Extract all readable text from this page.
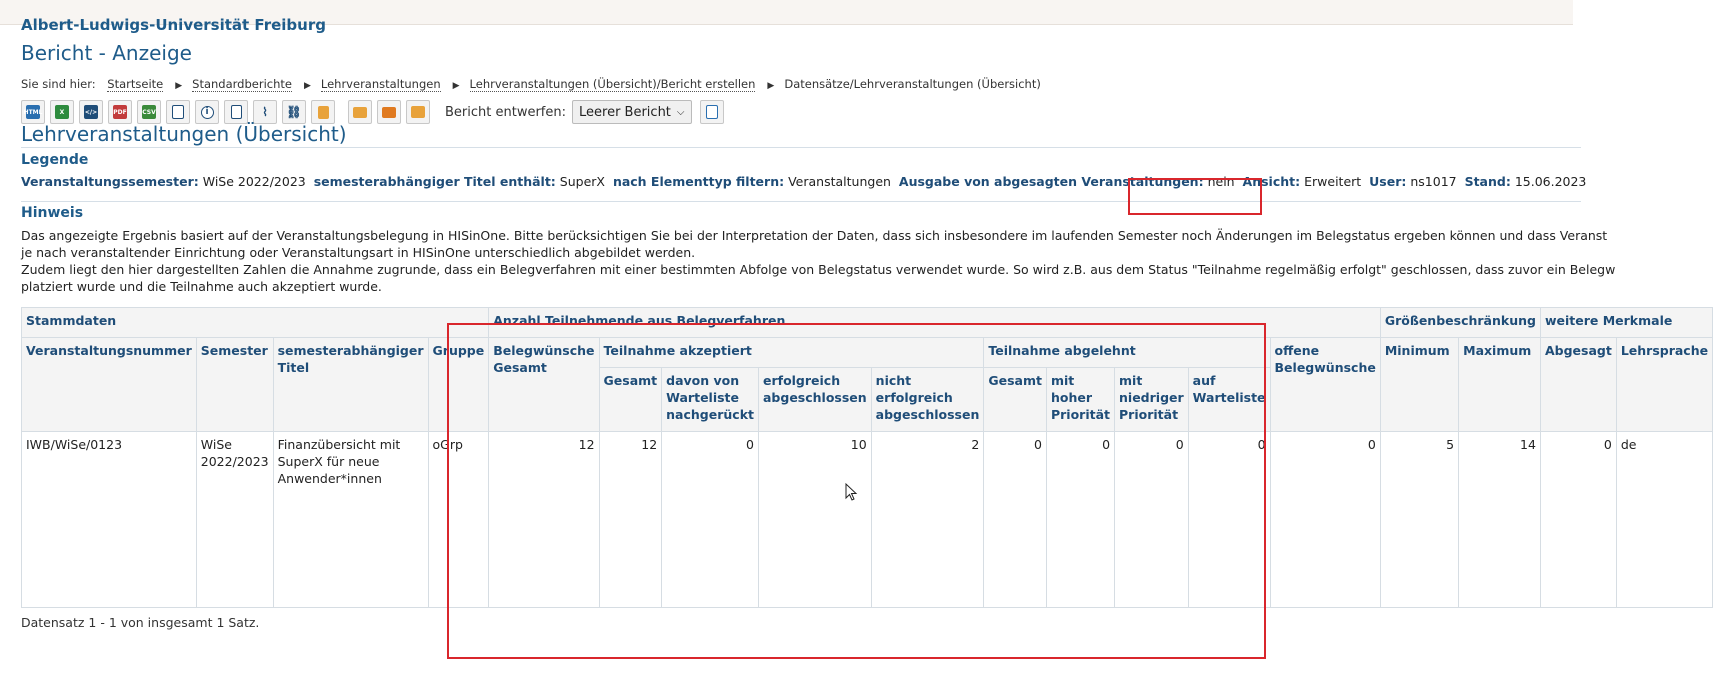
Albert-Ludwigs-Universität Freiburg
Bericht - Anzeige
Sie sind hier: Startseite ▶ Standardberichte ▶ Lehrveranstaltungen ▶ Lehrveranstaltungen (Übersicht)/Bericht erstellen ▶ Datensätze/Lehrveranstaltungen (Übersicht)
HTML	X	</>	PDF	CSV	i	⌇	⛓	Bericht entwerfen: Leerer Bericht ⌵
Lehrveranstaltungen (Übersicht)
Legende
Veranstaltungssemester: WiSe 2022/2023 semesterabhängiger Titel enthält: SuperX nach Elementtyp filtern: Veranstaltungen Ausgabe von abgesagten Veranstaltungen: nein Ansicht: Erweitert User: ns1017 Stand: 15.06.2023
Hinweis

Das angezeigte Ergebnis basiert auf der Veranstaltungsbelegung in HISinOne. Bitte berücksichtigen Sie bei der Interpretation der Daten, dass sich insbesondere im laufenden Semester noch Änderungen im Belegstatus ergeben können und dass Veranst

je nach veranstaltender Einrichtung oder Veranstaltungsart in HISinOne unterschiedlich abgebildet werden.

Zudem liegt den hier dargestellten Zahlen die Annahme zugrunde, dass ein Belegverfahren mit einer bestimmten Abfolge von Belegstatus verwendet wurde. So wird z.B. aus dem Status "Teilnahme regelmäßig erfolgt" geschlossen, dass zuvor ein Belegw

platziert wurde und die Teilnahme auch akzeptiert wurde.

Stammdaten				Anzahl Teilnehmende aus Belegverfahren										Größenbeschränkung		weitere Merkmale	
Veranstaltungsnummer	Semester	semesterabhängiger Titel	Gruppe	Belegwünsche Gesamt	Teilnahme akzeptiert				Teilnahme abgelehnt				offene Belegwünsche	Minimum	Maximum	Abgesagt	Lehrsprache
					Gesamt	davon von Warteliste nachgerückt	erfolgreich abgeschlossen	nicht erfolgreich abgeschlossen	Gesamt	mit hoher Priorität	mit niedriger Priorität	auf Warteliste					
IWB/WiSe/0123	WiSe 2022/2023	Finanzübersicht mit SuperX für neue Anwender*innen	oGrp	12	12	0	10	2	0	0	0	0	0	5	14	0	de
Datensatz 1 - 1 von insgesamt 1 Satz.
